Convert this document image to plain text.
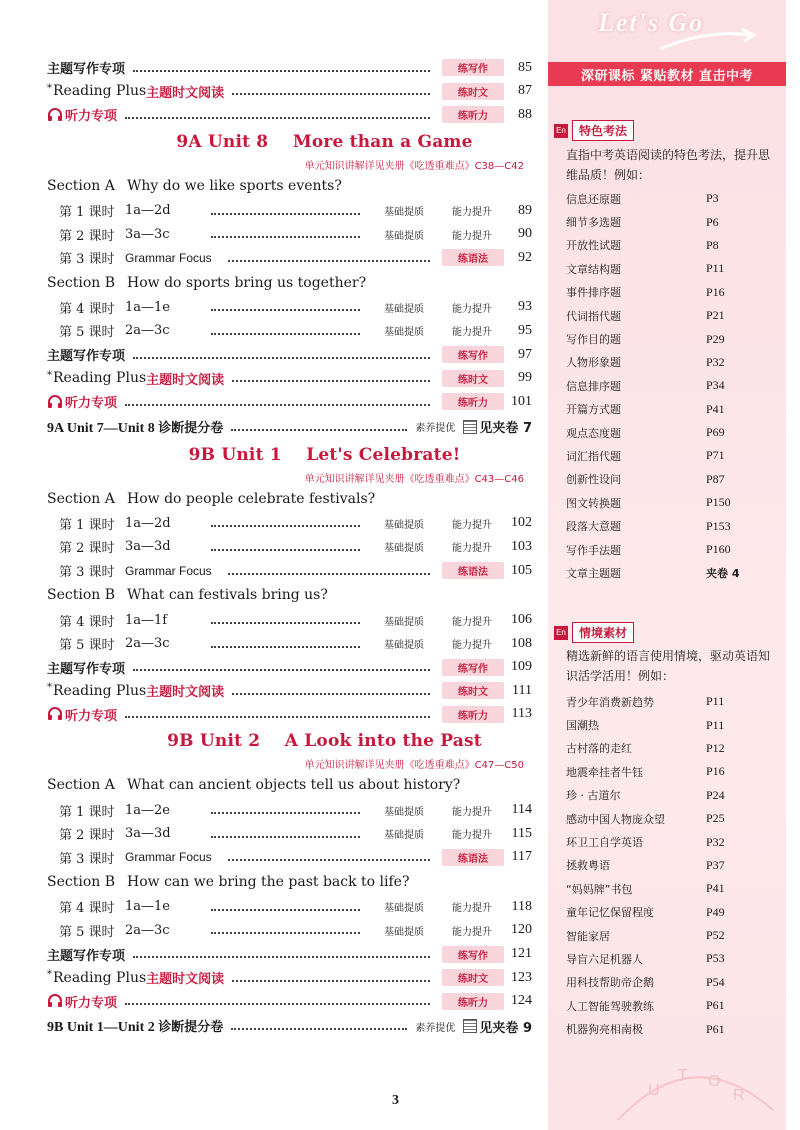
主题写作专项	练写作	85
* Reading Plus 主题时文阅读	练时文	87
听力专项	练听力	88
9A Unit 8    More than a Game
单元知识讲解详见夹册《吃透重难点》C38—C42
Section A Why do we like sports events?
第 1 课时 1a—2d	基础提质	能力提升	89
第 2 课时 3a—3c	基础提质	能力提升	90
第 3 课时 Grammar Focus	练语法	92
Section B How do sports bring us together?
第 4 课时 1a—1e	基础提质	能力提升	93
第 5 课时 2a—3c	基础提质	能力提升	95
主题写作专项	练写作	97
* Reading Plus 主题时文阅读	练时文	99
听力专项	练听力	101
9A Unit 7—Unit 8 诊断提分卷	素养提优 见夹卷 7
9B Unit 1    Let's Celebrate!
单元知识讲解详见夹册《吃透重难点》C43—C46
Section A How do people celebrate festivals?
第 1 课时 1a—2d	基础提质	能力提升	102
第 2 课时 3a—3d	基础提质	能力提升	103
第 3 课时 Grammar Focus	练语法	105
Section B What can festivals bring us?
第 4 课时 1a—1f	基础提质	能力提升	106
第 5 课时 2a—3c	基础提质	能力提升	108
主题写作专项	练写作	109
* Reading Plus 主题时文阅读	练时文	111
听力专项	练听力	113
9B Unit 2    A Look into the Past
单元知识讲解详见夹册《吃透重难点》C47—C50
Section A What can ancient objects tell us about history?
第 1 课时 1a—2e	基础提质	能力提升	114
第 2 课时 3a—3d	基础提质	能力提升	115
第 3 课时 Grammar Focus	练语法	117
Section B How can we bring the past back to life?
第 4 课时 1a—1e	基础提质	能力提升	118
第 5 课时 2a—3c	基础提质	能力提升	120
主题写作专项	练写作	121
* Reading Plus 主题时文阅读	练时文	123
听力专项	练听力	124
9B Unit 1—Unit 2 诊断提分卷	素养提优 见夹卷 9
3
Let's Go
深研课标 紧贴教材 直击中考
En	特色考法
直指中考英语阅读的特色考法，提升思维品质！例如：
信息还原题	P3
细节多选题	P6
开放性试题	P8
文章结构题	P11
事件排序题	P16
代词指代题	P21
写作目的题	P29
人物形象题	P32
信息排序题	P34
开篇方式题	P41
观点态度题	P69
词汇指代题	P71
创新性设问	P87
图文转换题	P150
段落大意题	P153
写作手法题	P160
文章主题题	夹卷 4
En	情境素材
精选新鲜的语言使用情境，驱动英语知识活学活用！例如：
青少年消费新趋势	P11
国潮热	P11
古村落的走红	P12
地震牵挂者牛钰	P16
珍 · 古道尔	P24
感动中国人物庞众望	P25
环卫工自学英语	P32
拯救粤语	P37
“妈妈牌”书包	P41
童年记忆保留程度	P49
智能家居	P52
导盲六足机器人	P53
用科技帮助帝企鹅	P54
人工智能驾驶教练	P61
机器狗亮相南极	P61
U
T O
R
